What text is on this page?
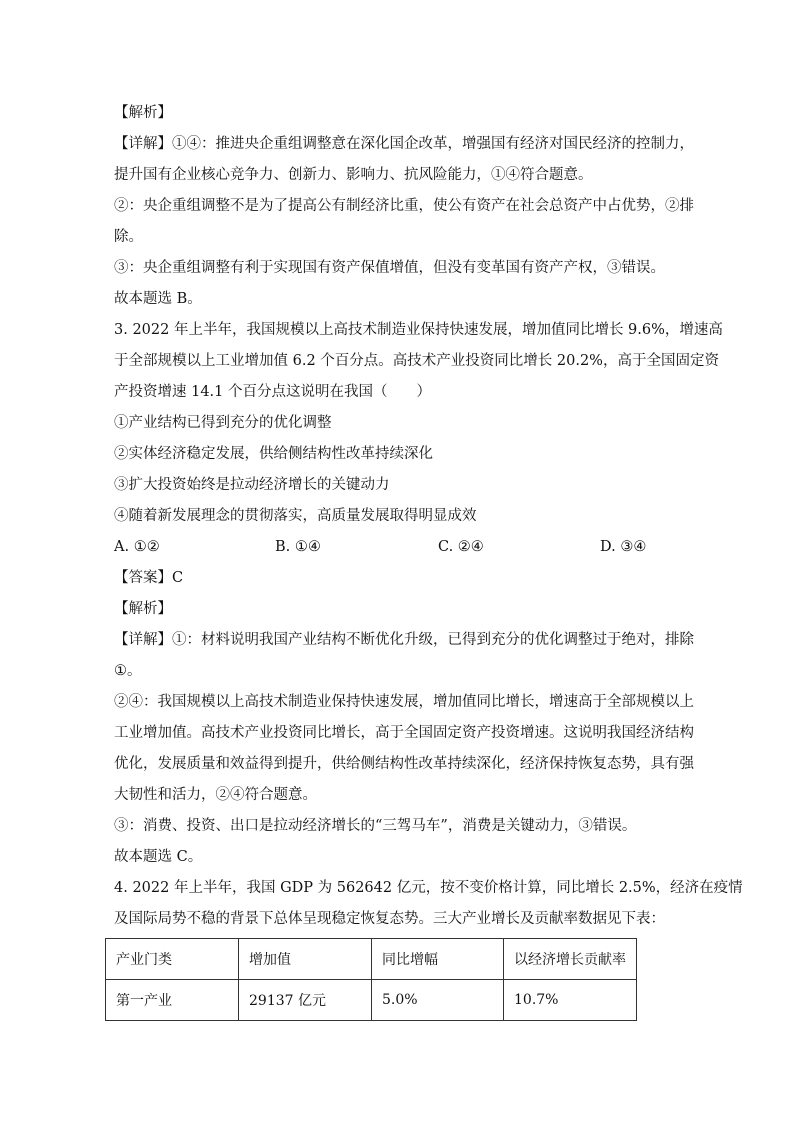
【解析】
【详解】①④：推进央企重组调整意在深化国企改革，增强国有经济对国民经济的控制力，
提升国有企业核心竞争力、创新力、影响力、抗风险能力，①④符合题意。
②：央企重组调整不是为了提高公有制经济比重，使公有资产在社会总资产中占优势，②排
除。
③：央企重组调整有利于实现国有资产保值增值，但没有变革国有资产产权，③错误。
故本题选 B。
3. 2022 年上半年，我国规模以上高技术制造业保持快速发展，增加值同比增长 9.6%，增速高
于全部规模以上工业增加值 6.2 个百分点。高技术产业投资同比增长 20.2%，高于全国固定资
产投资增速 14.1 个百分点这说明在我国（　　）
①产业结构已得到充分的优化调整
②实体经济稳定发展，供给侧结构性改革持续深化
③扩大投资始终是拉动经济增长的关键动力
④随着新发展理念的贯彻落实，高质量发展取得明显成效
A. ①②	B. ①④	C. ②④	D. ③④
【答案】C
【解析】
【详解】①：材料说明我国产业结构不断优化升级，已得到充分的优化调整过于绝对，排除
①。
②④：我国规模以上高技术制造业保持快速发展，增加值同比增长，增速高于全部规模以上
工业增加值。高技术产业投资同比增长，高于全国固定资产投资增速。这说明我国经济结构
优化，发展质量和效益得到提升，供给侧结构性改革持续深化，经济保持恢复态势，具有强
大韧性和活力，②④符合题意。
③：消费、投资、出口是拉动经济增长的“三驾马车”，消费是关键动力，③错误。
故本题选 C。
4. 2022 年上半年，我国 GDP 为 562642 亿元，按不变价格计算，同比增长 2.5%，经济在疫情
及国际局势不稳的背景下总体呈现稳定恢复态势。三大产业增长及贡献率数据见下表：
产业门类	增加值	同比增幅	以经济增长贡献率
第一产业	29137 亿元	5.0%	10.7%
